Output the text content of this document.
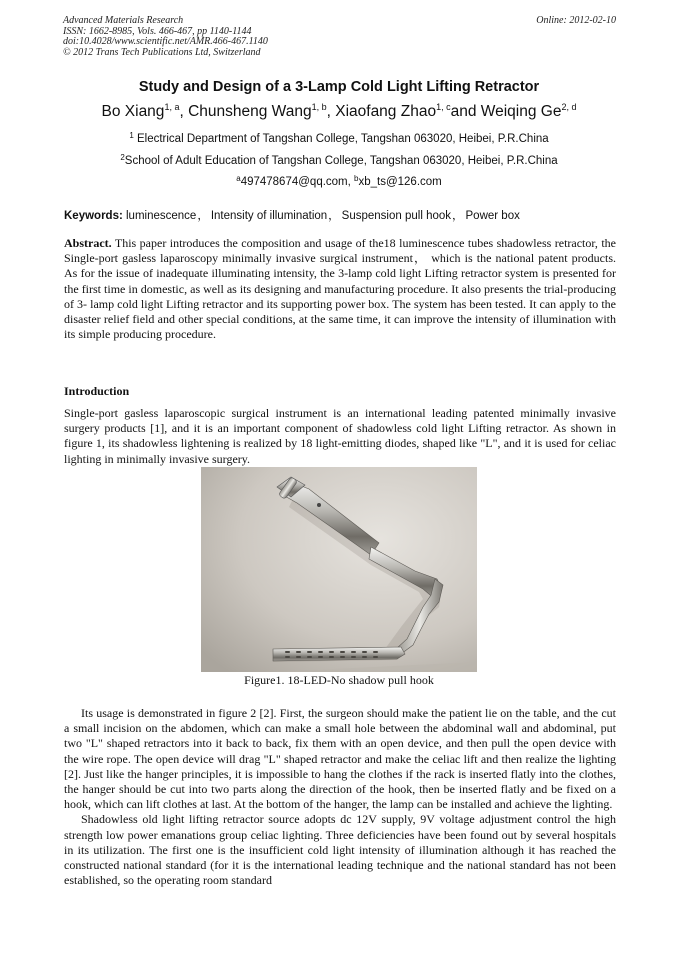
Advanced Materials Research
ISSN: 1662-8985, Vols. 466-467, pp 1140-1144
doi:10.4028/www.scientific.net/AMR.466-467.1140
© 2012 Trans Tech Publications Ltd, Switzerland
Online: 2012-02-10
Study and Design of a 3-Lamp Cold Light Lifting Retractor
Bo Xiang$^{1, a}$, Chunsheng Wang$^{1, b}$, Xiaofang Zhao$^{1, c}$and Weiqing Ge$^{2, d}$
$^1$ Electrical Department of Tangshan College, Tangshan 063020, Heibei, P.R.China
$^2$School of Adult Education of Tangshan College, Tangshan 063020, Heibei, P.R.China
$^a$497478674@qq.com, $^b$xb_ts@126.com
Keywords: luminescence， Intensity of illumination， Suspension pull hook， Power box

Abstract. This paper introduces the composition and usage of the18 luminescence tubes shadowless retractor, the Single-port gasless laparoscopy minimally invasive surgical instrument， which is the national patent products. As for the issue of inadequate illuminating intensity, the 3-lamp cold light Lifting retractor system is presented for the first time in domestic, as well as its designing and manufacturing procedure. It also presents the trial-producing of 3- lamp cold light Lifting retractor and its supporting power box. The system has been tested. It can apply to the disaster relief field and other special conditions, at the same time, it can improve the intensity of illumination with its simple producing procedure.

Introduction

Single-port gasless laparoscopic surgical instrument is an international leading patented minimally invasive surgery products [1], and it is an important component of shadowless cold light Lifting retractor. As shown in figure 1, its shadowless lightening is realized by 18 light-emitting diodes, shaped like "L", and it is used for celiac lighting in minimally invasive surgery.

Figure1. 18-LED-No shadow pull hook
Its usage is demonstrated in figure 2 [2]. First, the surgeon should make the patient lie on the table, and the cut a small incision on the abdomen, which can make a small hole between the abdominal wall and abdominal, put two "L" shaped retractors into it back to back, fix them with an open device, and then pull the open device with the wire rope. The open device will drag "L" shaped retractor and make the celiac lift and then realize the lighting [2]. Just like the hanger principles, it is impossible to hang the clothes if the rack is inserted flatly into the clothes, the hanger should be cut into two parts along the direction of the hook, then be inserted flatly and be fixed on a hook, which can lift clothes at last. At the bottom of the hanger, the lamp can be installed and achieve the lighting.
Shadowless old light lifting retractor source adopts dc 12V supply, 9V voltage adjustment control the high strength low power emanations group celiac lighting. Three deficiencies have been found out by several hospitals in its utilization. The first one is the insufficient cold light intensity of illumination although it has reached the constructed national standard (for it is the international leading technique and the national standard has not been established, so the operating room standard
